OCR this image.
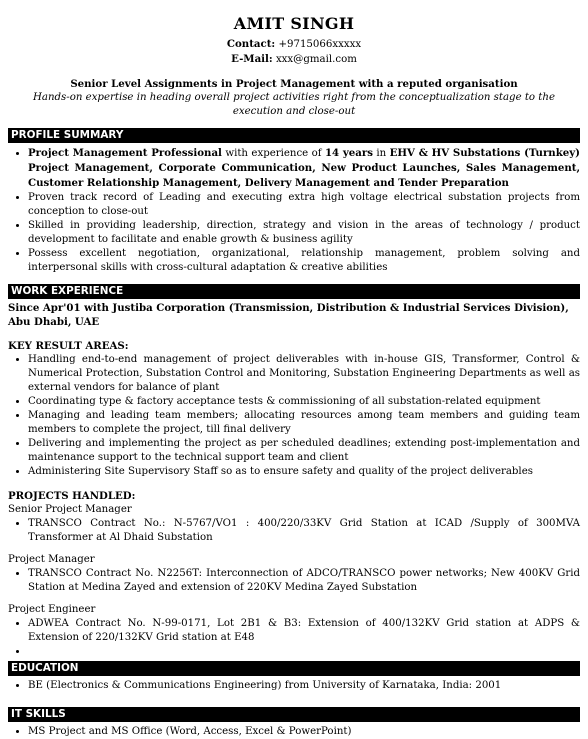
AMIT SINGH
Contact: +9715066xxxxx
E-Mail: xxx@gmail.com
Senior Level Assignments in Project Management with a reputed organisation
Hands-on expertise in heading overall project activities right from the conceptualization stage to the execution and close-out
PROFILE SUMMARY
• Project Management Professional with experience of 14 years in EHV & HV Substations (Turnkey) Project Management, Corporate Communication, New Product Launches, Sales Management, Customer Relationship Management, Delivery Management and Tender Preparation
• Proven track record of Leading and executing extra high voltage electrical substation projects from conception to close-out
• Skilled in providing leadership, direction, strategy and vision in the areas of technology / product development to facilitate and enable growth & business agility
• Possess excellent negotiation, organizational, relationship management, problem solving and interpersonal skills with cross-cultural adaptation & creative abilities
WORK EXPERIENCE
Since Apr'01 with Justiba Corporation (Transmission, Distribution & Industrial Services Division), Abu Dhabi, UAE
KEY RESULT AREAS:
• Handling end-to-end management of project deliverables with in-house GIS, Transformer, Control & Numerical Protection, Substation Control and Monitoring, Substation Engineering Departments as well as external vendors for balance of plant
• Coordinating type & factory acceptance tests & commissioning of all substation-related equipment
• Managing and leading team members; allocating resources among team members and guiding team members to complete the project, till final delivery
• Delivering and implementing the project as per scheduled deadlines; extending post-implementation and maintenance support to the technical support team and client
• Administering Site Supervisory Staff so as to ensure safety and quality of the project deliverables
PROJECTS HANDLED:
Senior Project Manager
• TRANSCO Contract No.: N-5767/VO1 : 400/220/33KV Grid Station at ICAD /Supply of 300MVA Transformer at Al Dhaid Substation
Project Manager
• TRANSCO Contract No. N2256T: Interconnection of ADCO/TRANSCO power networks; New 400KV Grid Station at Medina Zayed and extension of 220KV Medina Zayed Substation
Project Engineer
• ADWEA Contract No. N-99-0171, Lot 2B1 & B3: Extension of 400/132KV Grid station at ADPS & Extension of 220/132KV Grid station at E48
•
EDUCATION
• BE (Electronics & Communications Engineering) from University of Karnataka, India: 2001
IT SKILLS
• MS Project and MS Office (Word, Access, Excel & PowerPoint)
